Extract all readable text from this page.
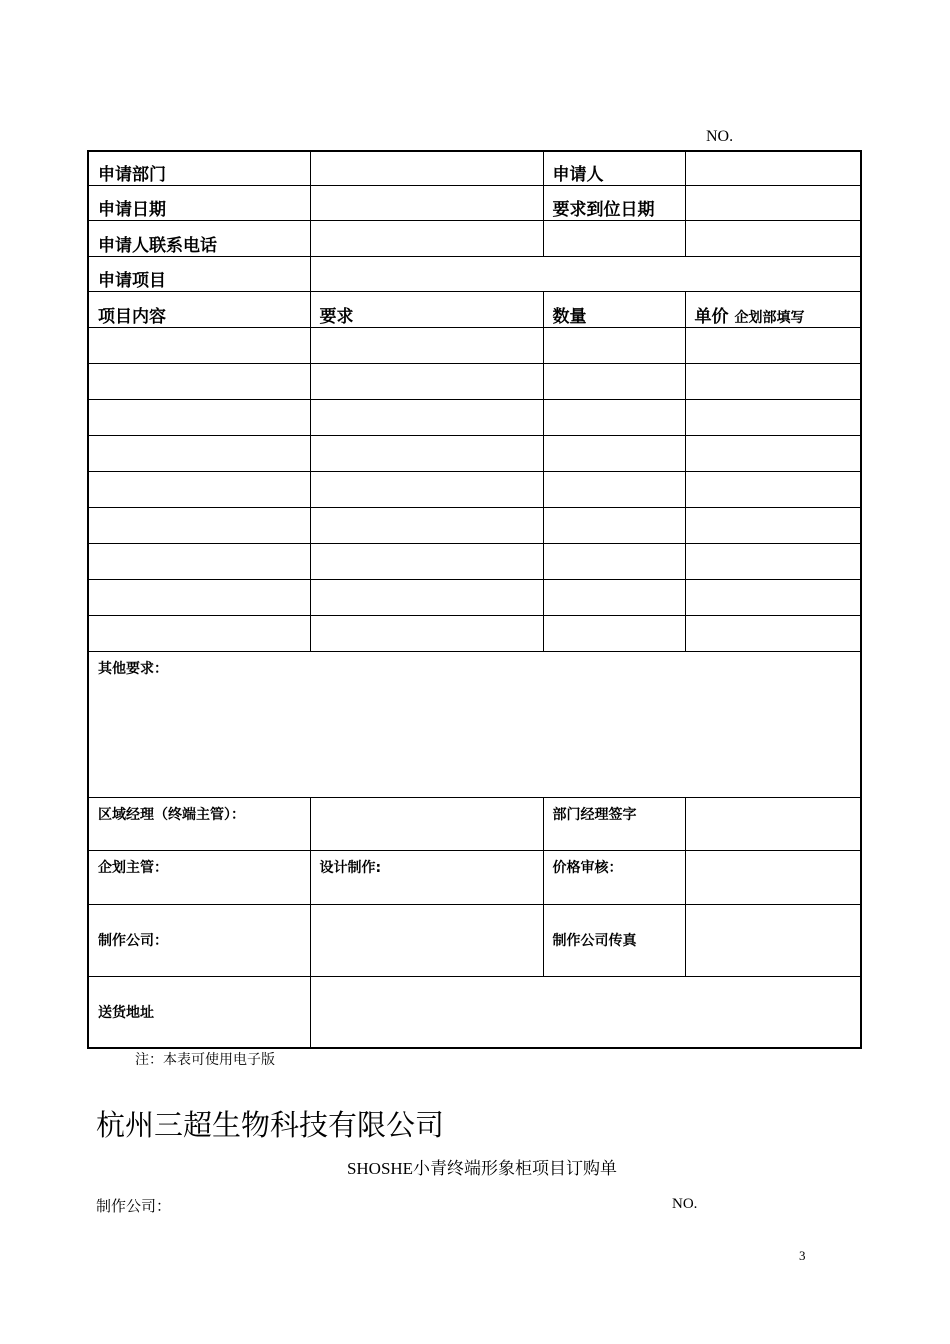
NO.
申请部门		申请人	
申请日期		要求到位日期	
申请人联系电话			
申请项目			
项目内容	要求	数量	单价 企划部填写

其他要求：			
区域经理（终端主管）：		部门经理签字	
企划主管：	设计制作:	价格审核：	
制作公司：		制作公司传真	
送货地址			
注：本表可使用电子版
杭州三超生物科技有限公司
SHOSHE小青终端形象柜项目订购单
制作公司：	NO.
3
